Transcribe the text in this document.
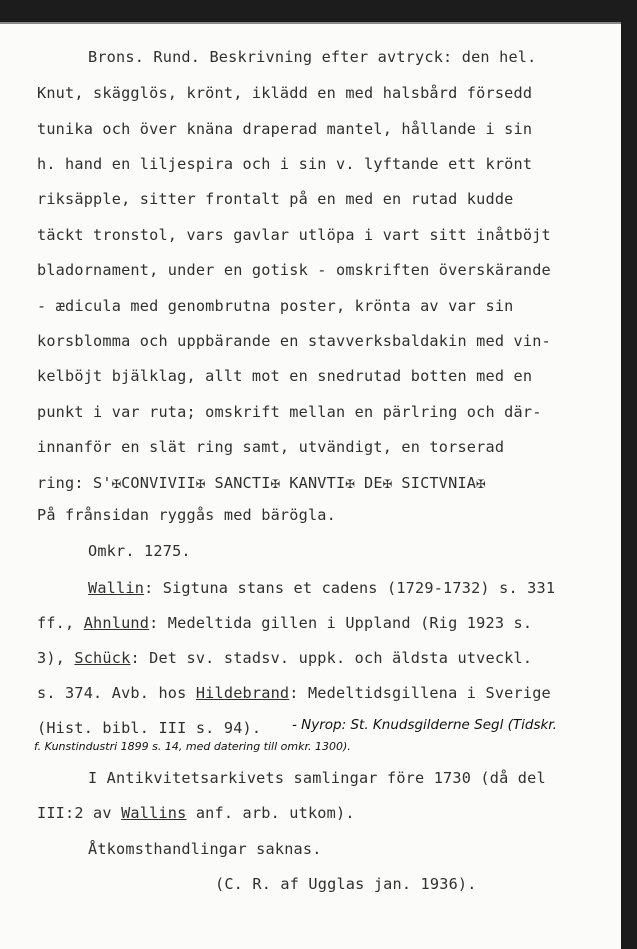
Brons. Rund. Beskrivning efter avtryck: den hel.
Knut, skägglös, krönt, iklädd en med halsbård försedd
tunika och över knäna draperad mantel, hållande i sin
h. hand en liljespira och i sin v. lyftande ett krönt
riksäpple, sitter frontalt på en med en rutad kudde
täckt tronstol, vars gavlar utlöpa i vart sitt inåtböjt
bladornament, under en gotisk - omskriften överskärande
- ædicula med genombrutna poster, krönta av var sin
korsblomma och uppbärande en stavverksbaldakin med vin-
kelböjt bjälklag, allt mot en snedrutad botten med en
punkt i var ruta; omskrift mellan en pärlring och där-
innanför en slät ring samt, utvändigt, en torserad
ring: S'✠CONVIVII✠ SANCTI✠ KANVTI✠ DE✠ SICTVNIA✠
På frånsidan ryggås med bärögla.
Omkr. 1275.
Wallin: Sigtuna stans et cadens (1729-1732) s. 331
ff., Ahnlund: Medeltida gillen i Uppland (Rig 1923 s.
3), Schück: Det sv. stadsv. uppk. och äldsta utveckl.
s. 374. Avb. hos Hildebrand: Medeltidsgillena i Sverige
(Hist. bibl. III s. 94). - Nyrop: St. Knudsgilderne Segl (Tidskr.
f. Kunstindustri 1899 s. 14, med datering till omkr. 1300).
I Antikvitetsarkivets samlingar före 1730 (då del
III:2 av Wallins anf. arb. utkom).
Åtkomsthandlingar saknas.
(C. R. af Ugglas jan. 1936).
